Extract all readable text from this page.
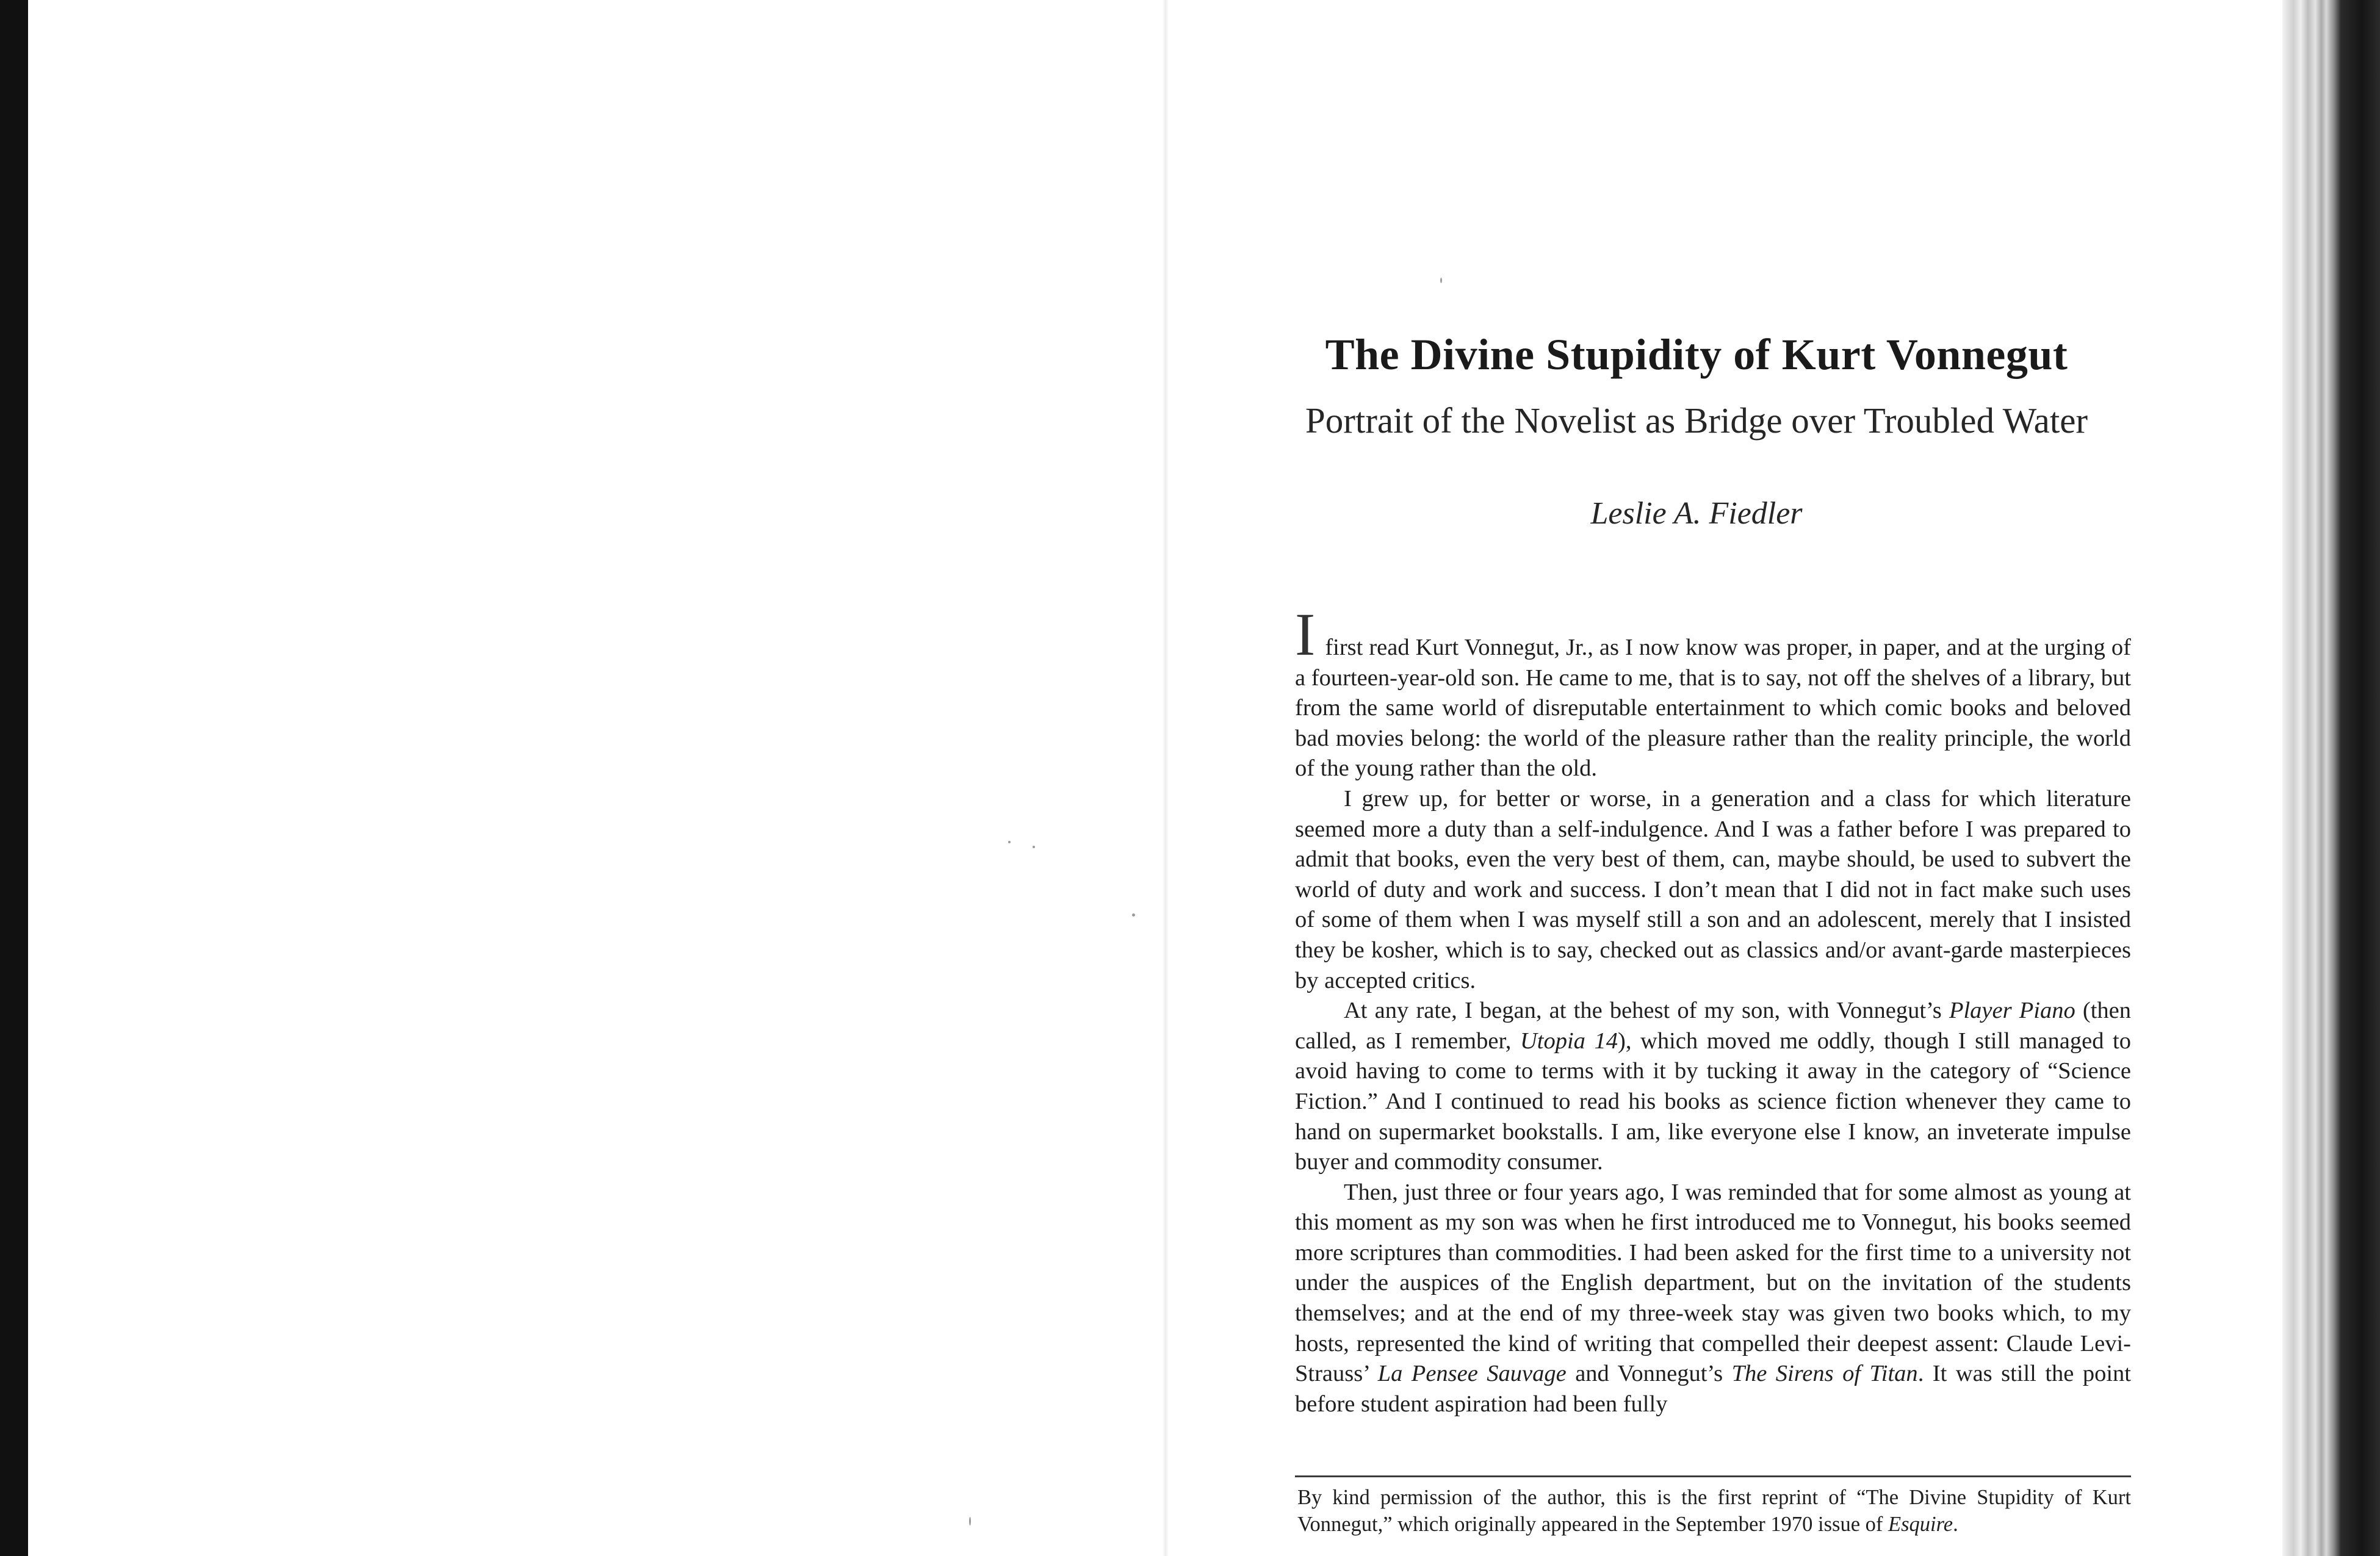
The Divine Stupidity of Kurt Vonnegut
Portrait of the Novelist as Bridge over Troubled Water
Leslie A. Fiedler

Ifirst read Kurt Vonnegut, Jr., as I now know was proper, in paper, and at the urging of a fourteen-year-old son. He came to me, that is to say, not off the shelves of a library, but from the same world of disreputable entertainment to which comic books and beloved bad movies belong: the world of the pleasure rather than the reality principle, the world of the young rather than the old.

I grew up, for better or worse, in a generation and a class for which literature seemed more a duty than a self-indulgence. And I was a father before I was prepared to admit that books, even the very best of them, can, maybe should, be used to subvert the world of duty and work and success. I don’t mean that I did not in fact make such uses of some of them when I was myself still a son and an adolescent, merely that I insisted they be kosher, which is to say, checked out as classics and/or avant-garde masterpieces by accepted critics.

At any rate, I began, at the behest of my son, with Vonnegut’s Player Piano (then called, as I remember, Utopia 14), which moved me oddly, though I still managed to avoid having to come to terms with it by tucking it away in the category of “Science Fiction.” And I continued to read his books as science fiction whenever they came to hand on supermarket bookstalls. I am, like everyone else I know, an inveterate impulse buyer and commodity consumer.

Then, just three or four years ago, I was reminded that for some almost as young at this moment as my son was when he first introduced me to Vonnegut, his books seemed more scriptures than commodities. I had been asked for the first time to a university not under the auspices of the English department, but on the invitation of the students themselves; and at the end of my three-week stay was given two books which, to my hosts, represented the kind of writing that compelled their deepest assent: Claude Levi-Strauss’ La Pensee Sauvage and Vonnegut’s The Sirens of Titan. It was still the point before student aspiration had been fully

By kind permission of the author, this is the first reprint of “The Divine Stupidity of Kurt Vonnegut,” which originally appeared in the September 1970 issue of Esquire.
